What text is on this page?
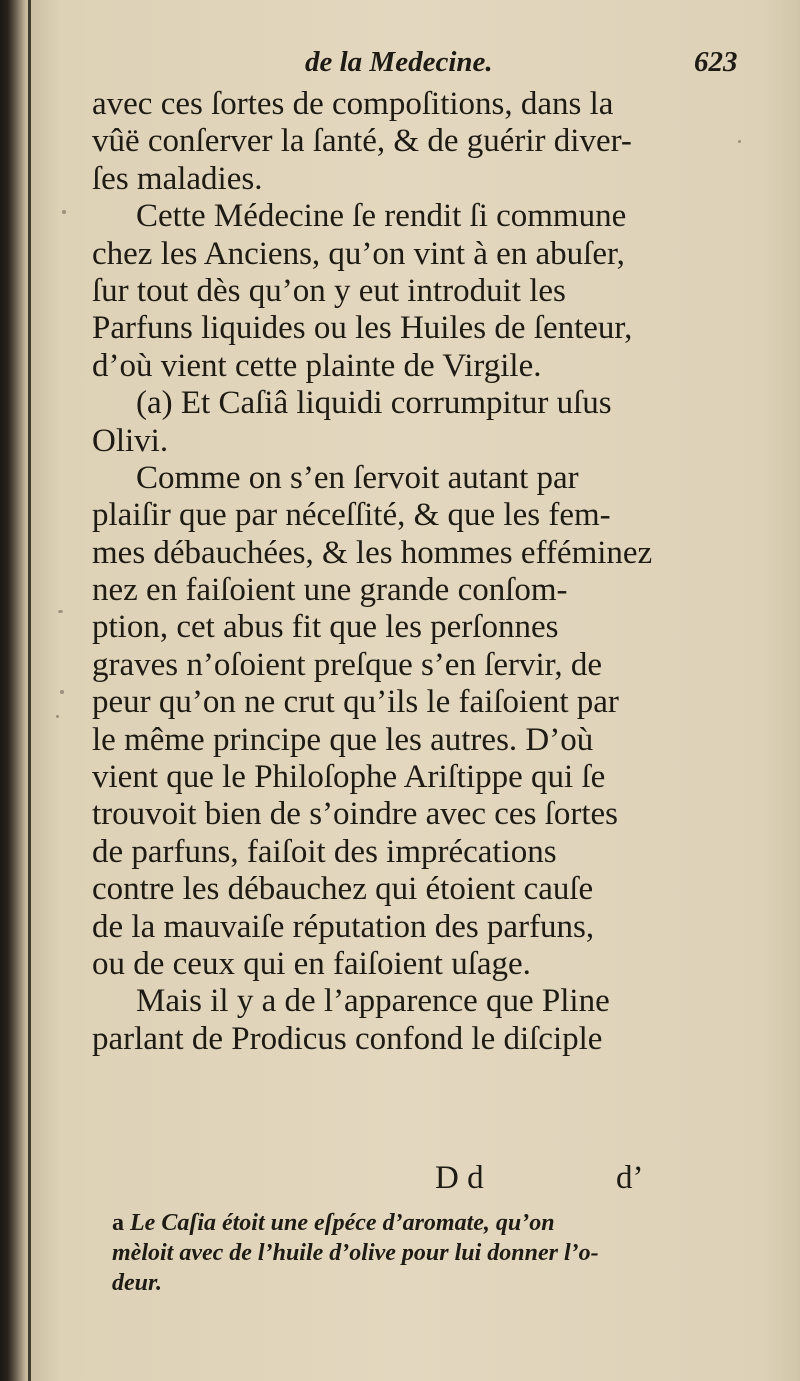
de la Medecine.	623
avec ces ſortes de compoſitions, dans la
vûë conſerver la ſanté, & de guérir diver-
ſes maladies.
Cette Médecine ſe rendit ſi commune
chez les Anciens, qu’on vint à en abuſer,
ſur tout dès qu’on y eut introduit les
Parfuns liquides ou les Huiles de ſenteur,
d’où vient cette plainte de Virgile.
(a) Et Caſiâ liquidi corrumpitur uſus
Olivi.
Comme on s’en ſervoit autant par
plaiſir que par néceſſité, & que les fem-
mes débauchées, & les hommes efféminez
nez en faiſoient une grande conſom-
ption, cet abus fit que les perſonnes
graves n’oſoient preſque s’en ſervir, de
peur qu’on ne crut qu’ils le faiſoient par
le même principe que les autres. D’où
vient que le Philoſophe Ariſtippe qui ſe
trouvoit bien de s’oindre avec ces ſortes
de parfuns, faiſoit des imprécations
contre les débauchez qui étoient cauſe
de la mauvaiſe réputation des parfuns,
ou de ceux qui en faiſoient uſage.
Mais il y a de l’apparence que Pline
parlant de Prodicus confond le diſciple
D d	d’
a Le Caſia étoit une eſpéce d’aromate, qu’on
mèloit avec de l’huile d’olive pour lui donner l’o-
deur.
